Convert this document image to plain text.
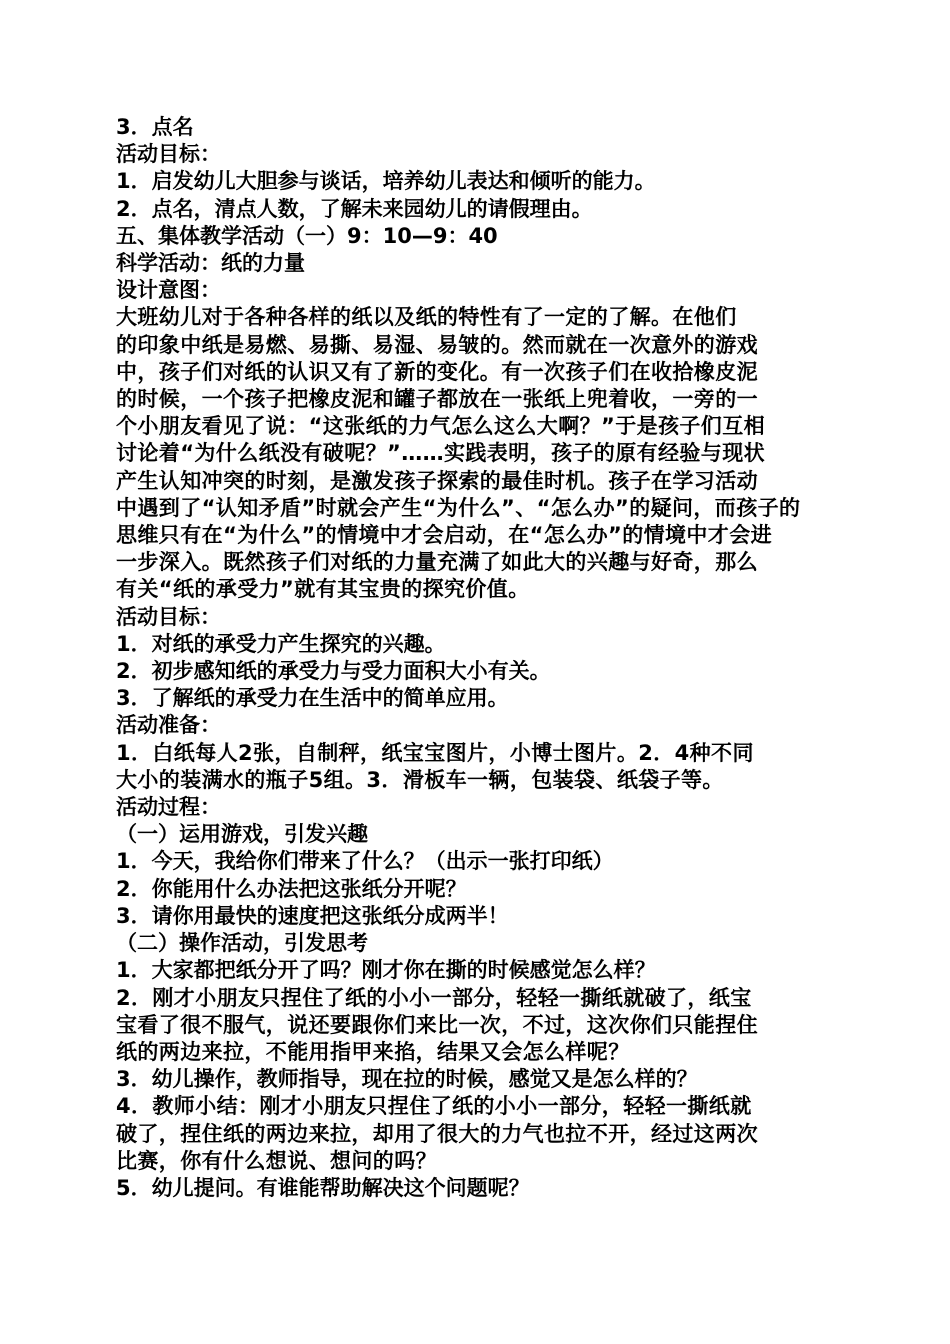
3．点名
活动目标：
1．启发幼儿大胆参与谈话，培养幼儿表达和倾听的能力。
2．点名，清点人数，了解未来园幼儿的请假理由。
五、集体教学活动（一）9：10—9：40
科学活动：纸的力量
设计意图：
大班幼儿对于各种各样的纸以及纸的特性有了一定的了解。在他们
的印象中纸是易燃、易撕、易湿、易皱的。然而就在一次意外的游戏
中，孩子们对纸的认识又有了新的变化。有一次孩子们在收拾橡皮泥
的时候，一个孩子把橡皮泥和罐子都放在一张纸上兜着收，一旁的一
个小朋友看见了说：“这张纸的力气怎么这么大啊？”于是孩子们互相
讨论着“为什么纸没有破呢？”……实践表明，孩子的原有经验与现状
产生认知冲突的时刻，是激发孩子探索的最佳时机。孩子在学习活动
中遇到了“认知矛盾”时就会产生“为什么”、“怎么办”的疑问，而孩子的
思维只有在“为什么”的情境中才会启动，在“怎么办”的情境中才会进
一步深入。既然孩子们对纸的力量充满了如此大的兴趣与好奇，那么
有关“纸的承受力”就有其宝贵的探究价值。
活动目标：
1．对纸的承受力产生探究的兴趣。
2．初步感知纸的承受力与受力面积大小有关。
3．了解纸的承受力在生活中的简单应用。
活动准备：
1．白纸每人2张，自制秤，纸宝宝图片，小博士图片。2．4种不同
大小的装满水的瓶子5组。3．滑板车一辆，包装袋、纸袋子等。
活动过程：
（一）运用游戏，引发兴趣
1．今天，我给你们带来了什么？（出示一张打印纸）
2．你能用什么办法把这张纸分开呢？
3．请你用最快的速度把这张纸分成两半！
（二）操作活动，引发思考
1．大家都把纸分开了吗？刚才你在撕的时候感觉怎么样？
2．刚才小朋友只捏住了纸的小小一部分，轻轻一撕纸就破了，纸宝
宝看了很不服气，说还要跟你们来比一次，不过，这次你们只能捏住
纸的两边来拉，不能用指甲来掐，结果又会怎么样呢？
3．幼儿操作，教师指导，现在拉的时候，感觉又是怎么样的？
4．教师小结：刚才小朋友只捏住了纸的小小一部分，轻轻一撕纸就
破了，捏住纸的两边来拉，却用了很大的力气也拉不开，经过这两次
比赛，你有什么想说、想问的吗？
5．幼儿提问。有谁能帮助解决这个问题呢？
